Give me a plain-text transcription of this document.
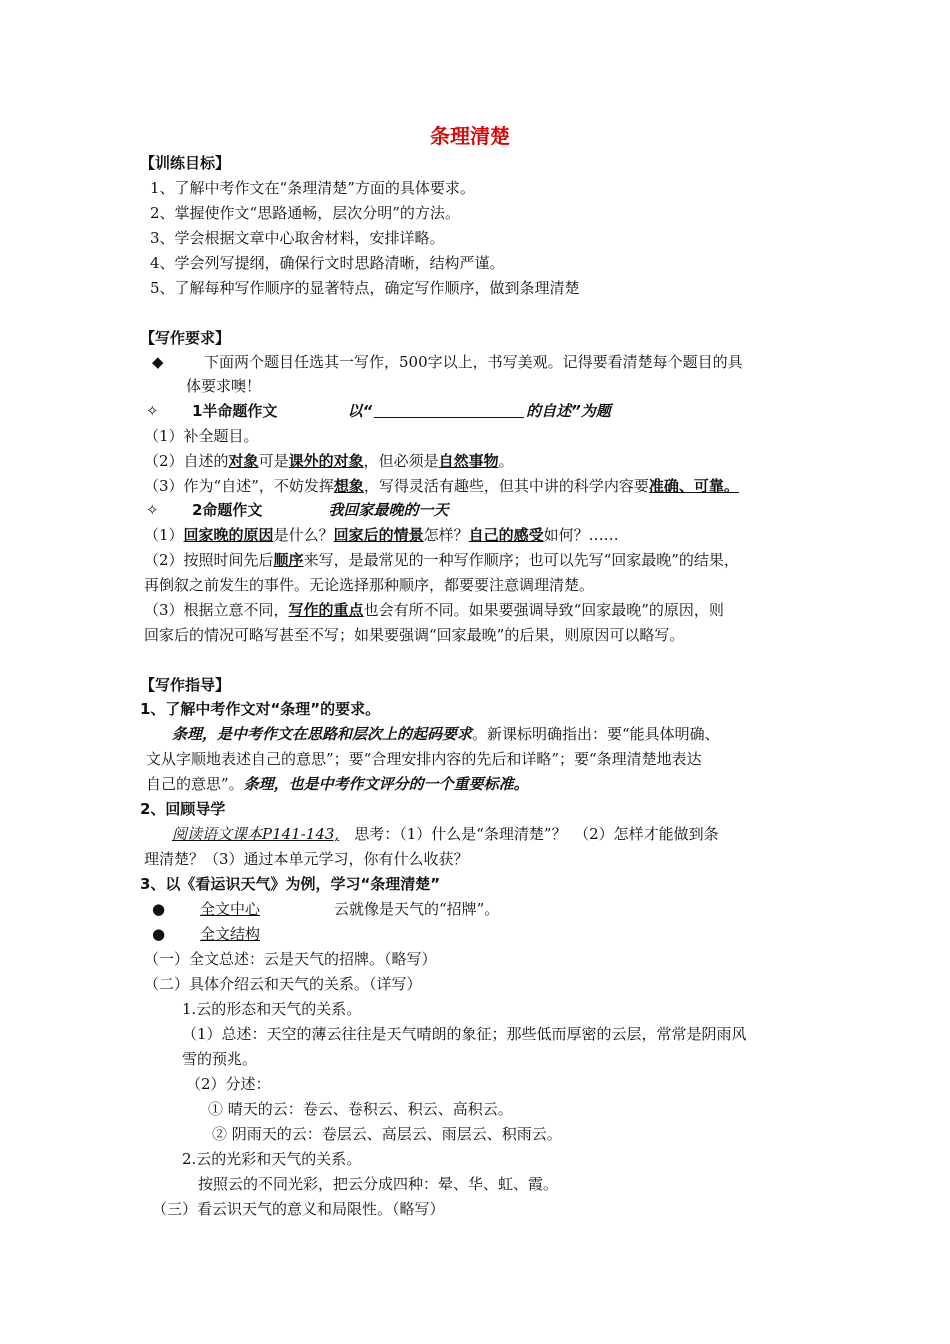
条理清楚
【训练目标】
1、了解中考作文在“条理清楚”方面的具体要求。
2、掌握使作文“思路通畅，层次分明”的方法。
3、学会根据文章中心取舍材料，安排详略。
4、学会列写提纲，确保行文时思路清晰，结构严谨。
5、了解每种写作顺序的显著特点，确定写作顺序，做到条理清楚
【写作要求】
◆	下面两个题目任选其一写作，500字以上，书写美观。记得要看清楚每个题目的具
体要求噢！
✧ 1半命题作文	以“	的自述”为题
（1）补全题目。
（2）自述的对象可是课外的对象，但必须是自然事物。
（3）作为“自述”，不妨发挥想象，写得灵活有趣些，但其中讲的科学内容要准确、可靠。
✧ 2命题作文	我回家最晚的一天
（1）回家晚的原因是什么？回家后的情景怎样？自己的感受如何？……
（2）按照时间先后顺序来写，是最常见的一种写作顺序；也可以先写“回家最晚”的结果，
再倒叙之前发生的事件。无论选择那种顺序，都要要注意调理清楚。
（3）根据立意不同，写作的重点也会有所不同。如果要强调导致“回家最晚”的原因，则
回家后的情况可略写甚至不写；如果要强调“回家最晚”的后果，则原因可以略写。
【写作指导】
1、了解中考作文对“条理”的要求。
条理，是中考作文在思路和层次上的起码要求。新课标明确指出：要“能具体明确、
文从字顺地表述自己的意思”；要“合理安排内容的先后和详略”；要“条理清楚地表达
自己的意思”。条理，也是中考作文评分的一个重要标准。
2、回顾导学
阅读语文课本P141-143,　思考：（1）什么是“条理清楚”？　（2）怎样才能做到条
理清楚？（3）通过本单元学习，你有什么收获？
3、以《看运识天气》为例，学习“条理清楚”
● 全文中心	云就像是天气的“招牌”。
● 全文结构
（一）全文总述：云是天气的招牌。（略写）
（二）具体介绍云和天气的关系。（详写）
1.云的形态和天气的关系。
（1）总述：天空的薄云往往是天气晴朗的象征；那些低而厚密的云层，常常是阴雨风
雪的预兆。
（2）分述：
① 晴天的云：卷云、卷积云、积云、高积云。
② 阴雨天的云：卷层云、高层云、雨层云、积雨云。
2.云的光彩和天气的关系。
按照云的不同光彩，把云分成四种：晕、华、虹、霞。
（三）看云识天气的意义和局限性。（略写）
